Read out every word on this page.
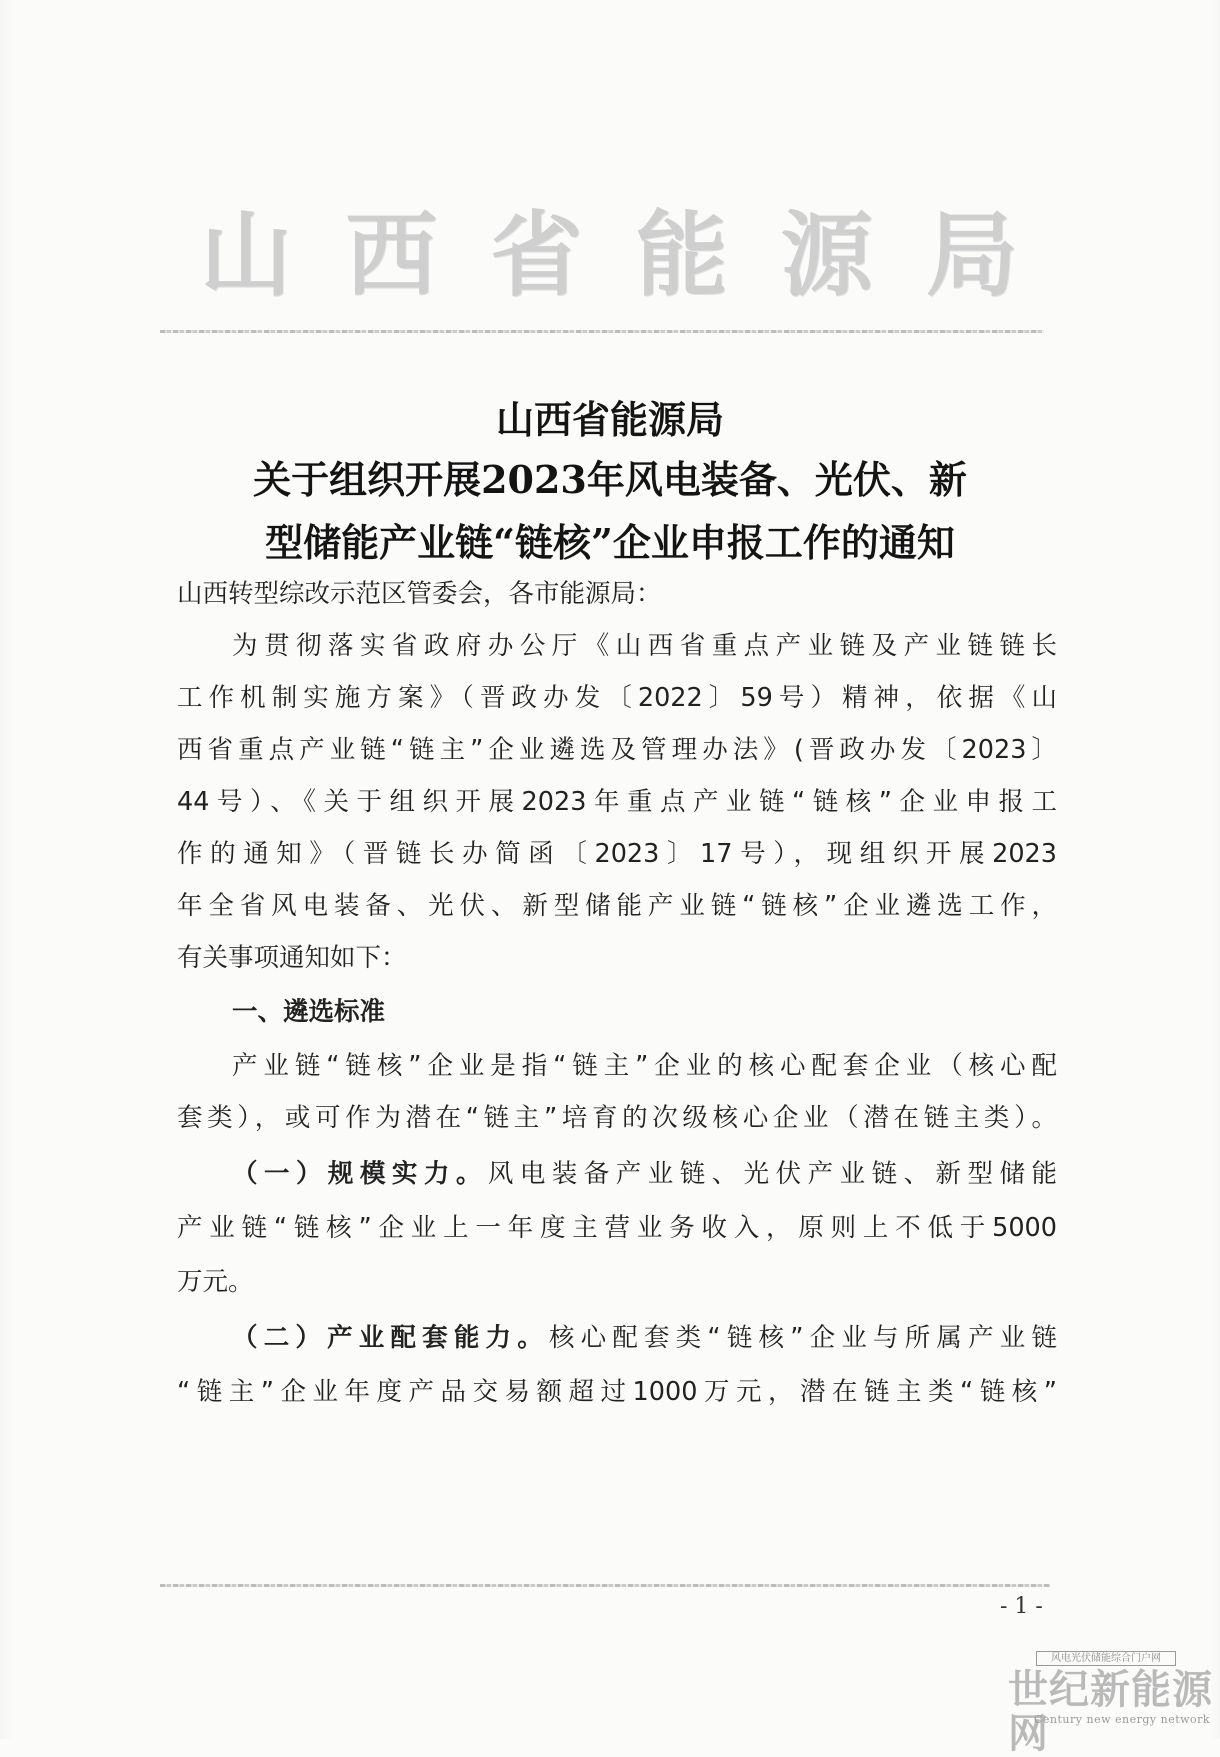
山 西 省 能 源 局
山西省能源局
关于组织开展2023年风电装备、光伏、新
型储能产业链“链核”企业申报工作的通知
山西转型综改示范区管委会，各市能源局：
为贯彻落实省政府办公厅《山西省重点产业链及产业链链长
工作机制实施方案》（晋政办发〔2022〕59号）精神，依据《山
西省重点产业链“链主”企业遴选及管理办法》(晋政办发〔2023〕
44号）、《关于组织开展2023年重点产业链“链核”企业申报工
作的通知》（晋链长办简函〔2023〕17号），现组织开展2023
年全省风电装备、光伏、新型储能产业链“链核”企业遴选工作，
有关事项通知如下：
一、遴选标准
产业链“链核”企业是指“链主”企业的核心配套企业（核心配
套类），或可作为潜在“链主”培育的次级核心企业（潜在链主类）。
（一）规模实力。风电装备产业链、光伏产业链、新型储能
产业链“链核”企业上一年度主营业务收入，原则上不低于5000
万元。
（二）产业配套能力。核心配套类“链核”企业与所属产业链
“链主”企业年度产品交易额超过1000万元，潜在链主类“链核”
- 1 -
风电光伏储能综合门户网
世纪新能源网
Century new energy network
